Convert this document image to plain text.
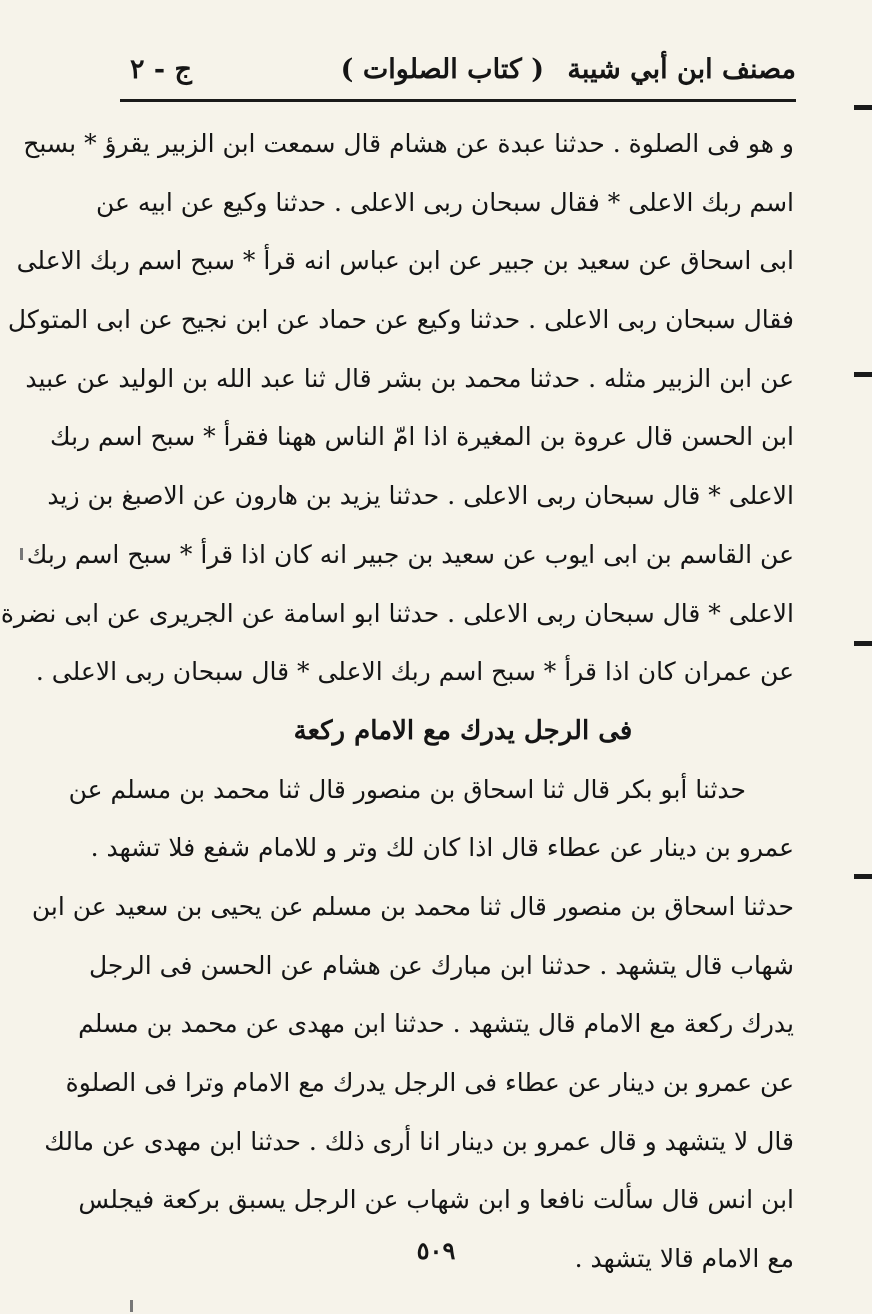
مصنف ابن أبي شيبة
( كتاب الصلوات )
ج - ٢
و هو فى الصلوة . حدثنا عبدة عن هشام قال سمعت ابن الزبير يقرؤ * بسبح
اسم ربك الاعلى * فقال سبحان ربى الاعلى . حدثنا وكيع عن ابيه عن
ابى اسحاق عن سعيد بن جبير عن ابن عباس انه قرأ * سبح اسم ربك الاعلى
فقال سبحان ربى الاعلى . حدثنا وكيع عن حماد عن ابن نجيح عن ابى المتوكل
عن ابن الزبير مثله . حدثنا محمد بن بشر قال ثنا عبد الله بن الوليد عن عبيد
ابن الحسن قال عروة بن المغيرة اذا امّ الناس ههنا فقرأ * سبح اسم ربك
الاعلى * قال سبحان ربى الاعلى . حدثنا يزيد بن هارون عن الاصبغ بن زيد
عن القاسم بن ابى ايوب عن سعيد بن جبير انه كان اذا قرأ * سبح اسم ربك
الاعلى * قال سبحان ربى الاعلى . حدثنا ابو اسامة عن الجريرى عن ابى نضرة
عن عمران كان اذا قرأ * سبح اسم ربك الاعلى * قال سبحان ربى الاعلى .
فى الرجل يدرك مع الامام ركعة
حدثنا أبو بكر قال ثنا اسحاق بن منصور قال ثنا محمد بن مسلم عن
عمرو بن دينار عن عطاء قال اذا كان لك وتر و للامام شفع فلا تشهد .
حدثنا اسحاق بن منصور قال ثنا محمد بن مسلم عن يحيى بن سعيد عن ابن
شهاب قال يتشهد . حدثنا ابن مبارك عن هشام عن الحسن فى الرجل
يدرك ركعة مع الامام قال يتشهد . حدثنا ابن مهدى عن محمد بن مسلم
عن عمرو بن دينار عن عطاء فى الرجل يدرك مع الامام وترا فى الصلوة
قال لا يتشهد و قال عمرو بن دينار انا أرى ذلك . حدثنا ابن مهدى عن مالك
ابن انس قال سألت نافعا و ابن شهاب عن الرجل يسبق بركعة فيجلس
مع الامام قالا يتشهد .
٥٠٩
